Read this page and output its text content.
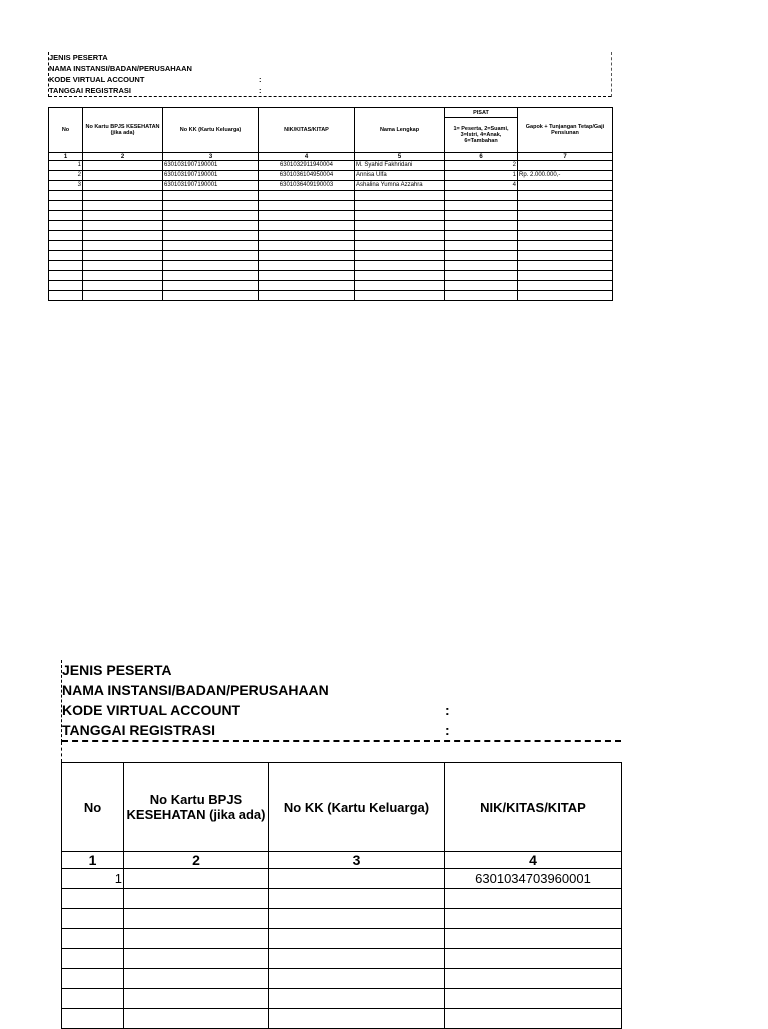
JENIS PESERTA
NAMA INSTANSI/BADAN/PERUSAHAAN
KODE VIRTUAL ACCOUNT	:
TANGGAI REGISTRASI	:
No	No Kartu BPJS KESEHATAN (jika ada)	No KK (Kartu Keluarga)	NIK/KITAS/KITAP	Nama Lengkap	PISAT	Gapok + Tunjangan Tetap/Gaji Pensiunan
					1= Peserta, 2=Suami, 3=Istri, 4=Anak, 6=Tambahan	
1	2	3	4	5	6	7
1		6301031907190001	6301032911940004	M. Syahid Fakhridani	2	
2		6301031907190001	6301036104950004	Annisa Ulfa	1	Rp. 2.000.000,-
3		6301031907190001	6301036409190003	Ashalina Yumna Azzahra	4	

JENIS PESERTA
NAMA INSTANSI/BADAN/PERUSAHAAN
KODE VIRTUAL ACCOUNT	:
TANGGAI REGISTRASI	:
No	No Kartu BPJS KESEHATAN (jika ada)	No KK (Kartu Keluarga)	NIK/KITAS/KITAP
1	2	3	4
1			6301034703960001
